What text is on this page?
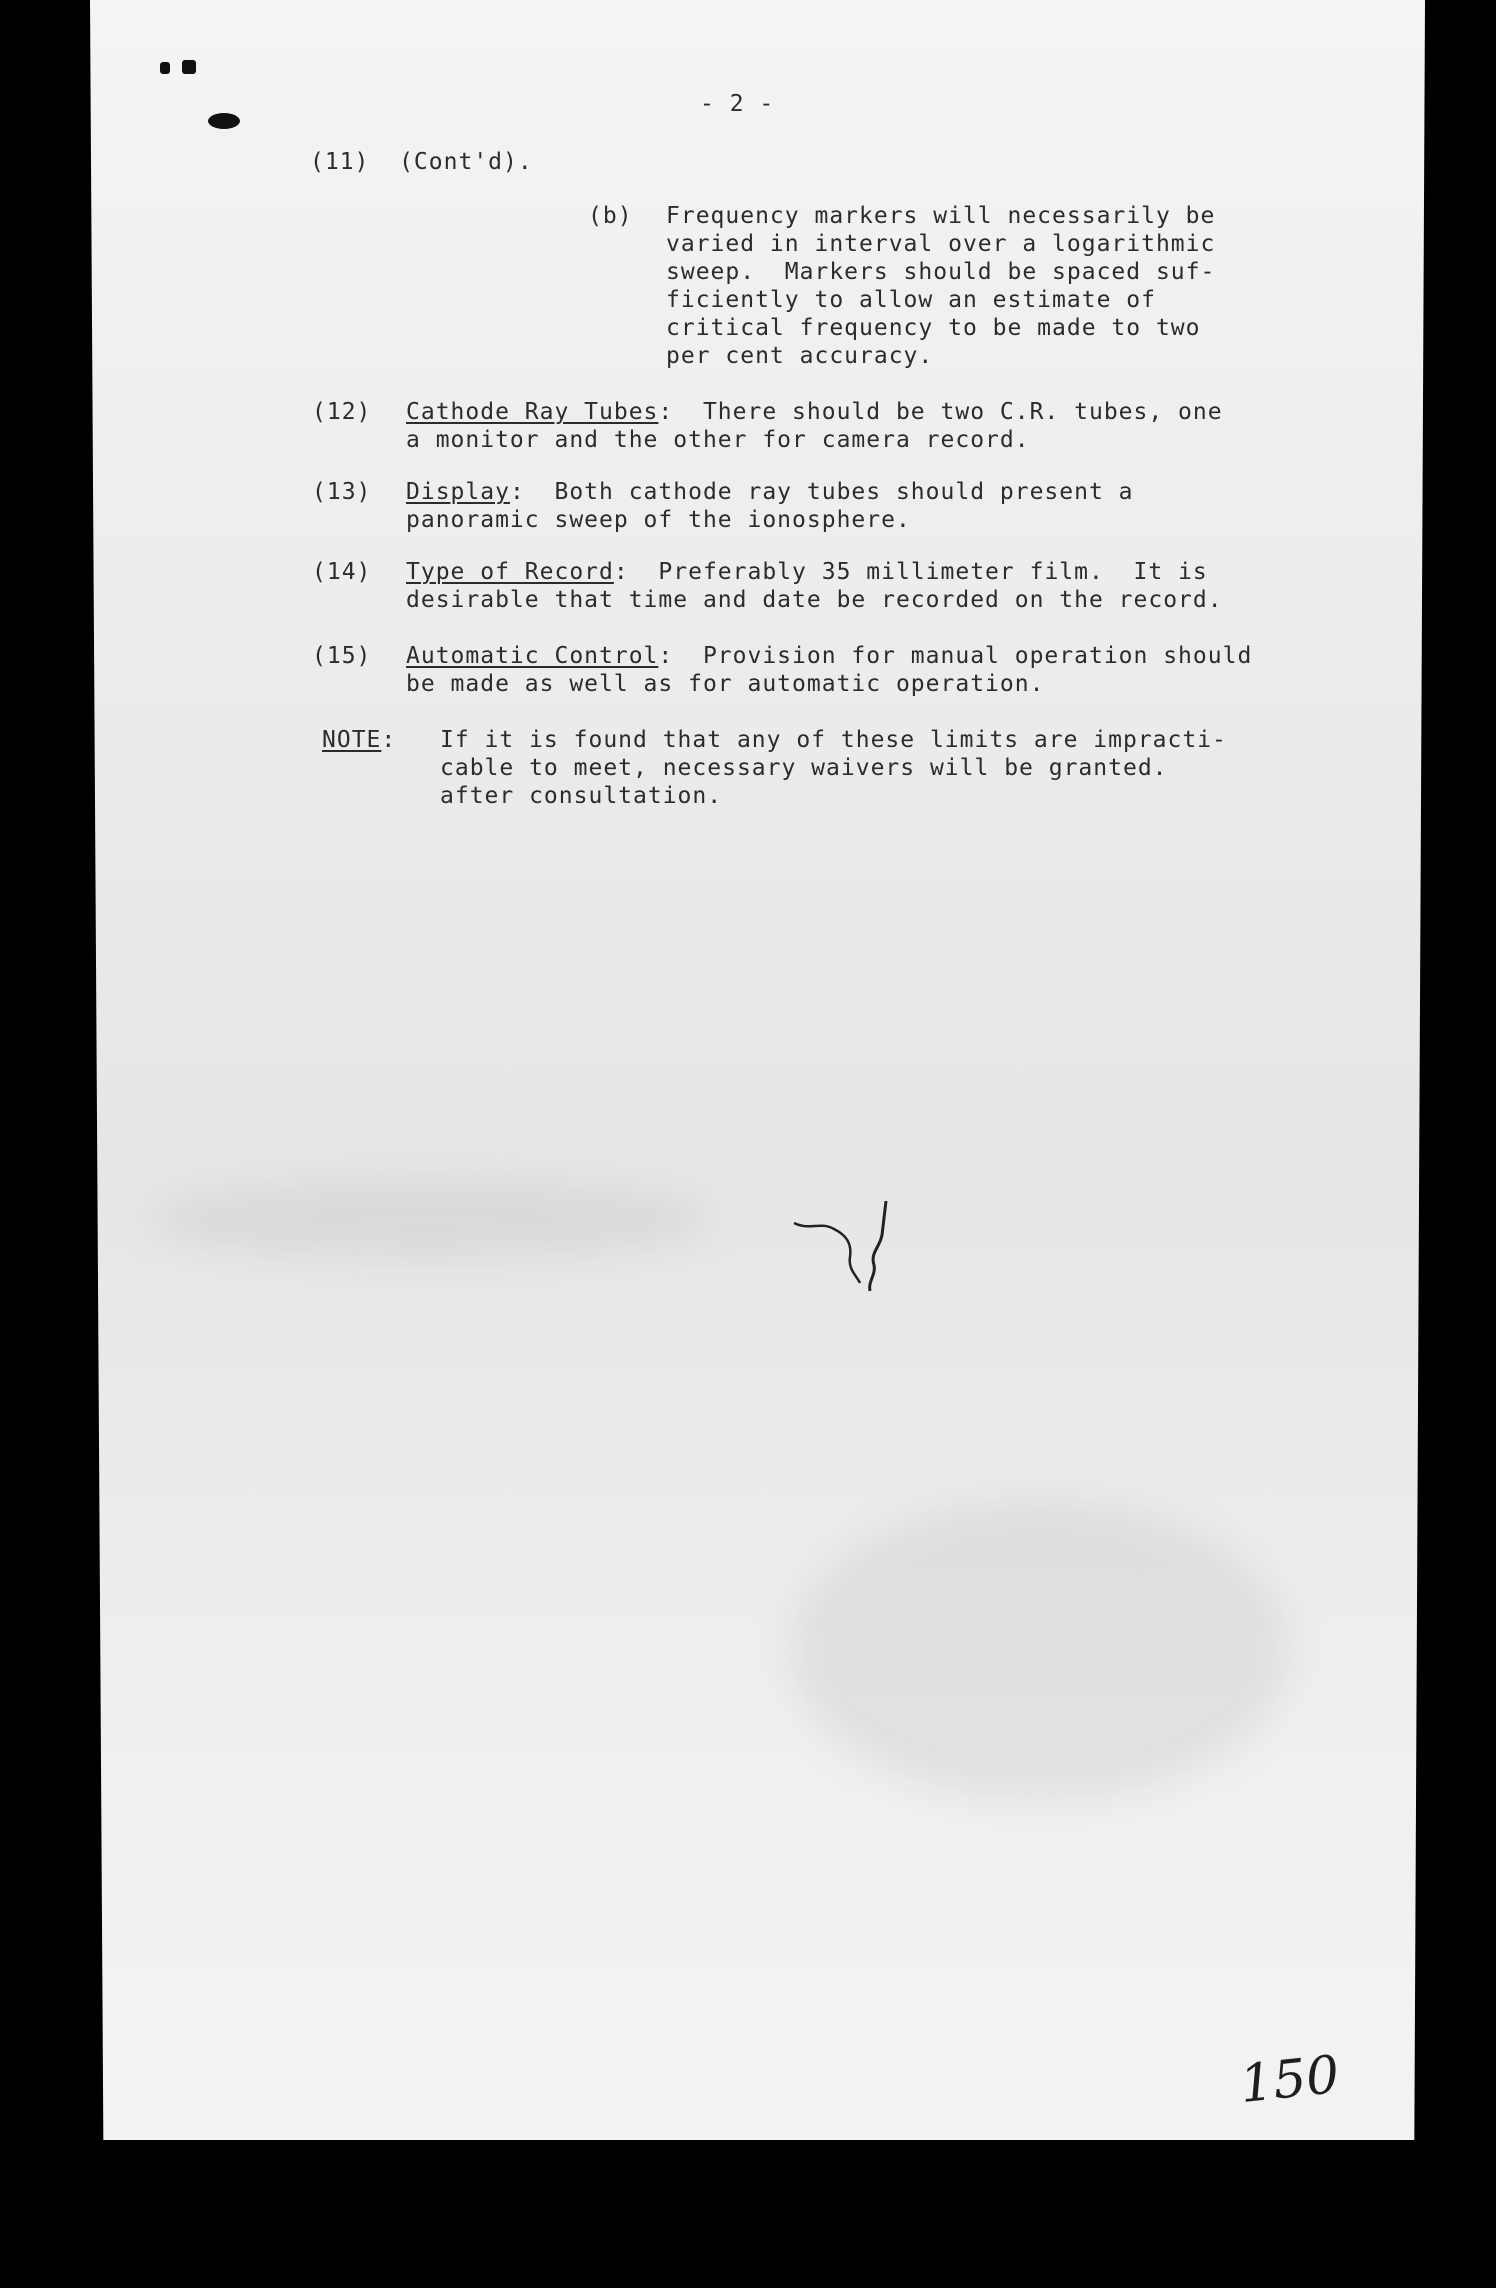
- 2 -
(11)  (Cont'd).
(b) Frequency markers will necessarily be
varied in interval over a logarithmic
sweep.  Markers should be spaced suf-
ficiently to allow an estimate of
critical frequency to be made to two
per cent accuracy.
(12) Cathode Ray Tubes:  There should be two C.R. tubes, one
a monitor and the other for camera record.
(13) Display:  Both cathode ray tubes should present a
panoramic sweep of the ionosphere.
(14) Type of Record:  Preferably 35 millimeter film.  It is
desirable that time and date be recorded on the record.
(15) Automatic Control:  Provision for manual operation should
be made as well as for automatic operation.
NOTE: If it is found that any of these limits are impracti-
cable to meet, necessary waivers will be granted.
after consultation.
150
